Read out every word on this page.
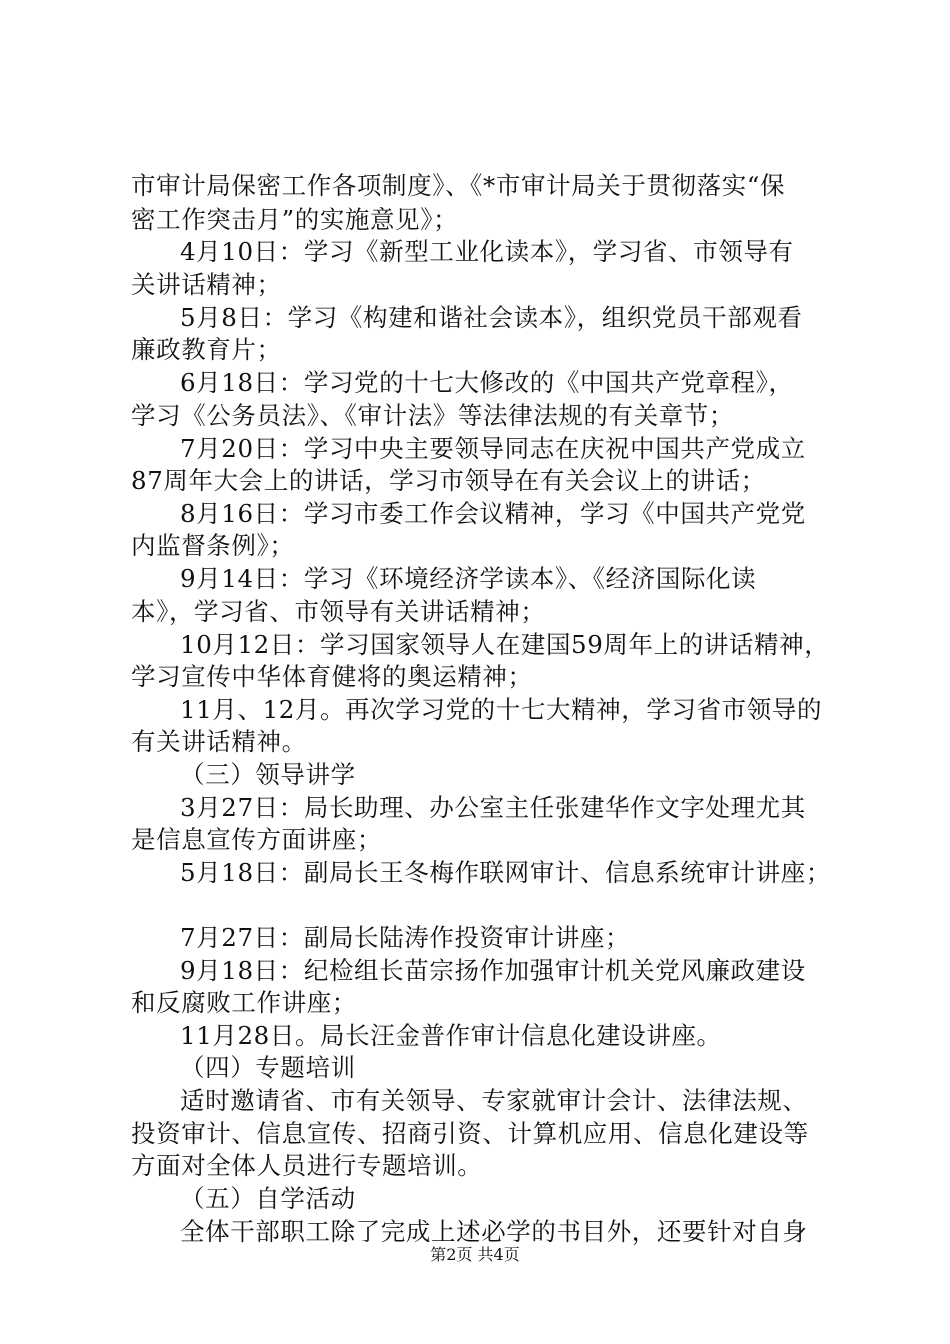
市审计局保密工作各项制度》、《*市审计局关于贯彻落实“保
密工作突击月”的实施意见》；
4月10日：学习《新型工业化读本》，学习省、市领导有
关讲话精神；
5月8日：学习《构建和谐社会读本》，组织党员干部观看
廉政教育片；
6月18日：学习党的十七大修改的《中国共产党章程》，
学习《公务员法》、《审计法》等法律法规的有关章节；
7月20日：学习中央主要领导同志在庆祝中国共产党成立
87周年大会上的讲话，学习市领导在有关会议上的讲话；
8月16日：学习市委工作会议精神，学习《中国共产党党
内监督条例》；
9月14日：学习《环境经济学读本》、《经济国际化读
本》，学习省、市领导有关讲话精神；
10月12日：学习国家领导人在建国59周年上的讲话精神，
学习宣传中华体育健将的奥运精神；
11月、12月。再次学习党的十七大精神，学习省市领导的
有关讲话精神。
（三）领导讲学
3月27日：局长助理、办公室主任张建华作文字处理尤其
是信息宣传方面讲座；
5月18日：副局长王冬梅作联网审计、信息系统审计讲座；
7月27日：副局长陆涛作投资审计讲座；
9月18日：纪检组长苗宗扬作加强审计机关党风廉政建设
和反腐败工作讲座；
11月28日。局长汪金普作审计信息化建设讲座。
（四）专题培训
适时邀请省、市有关领导、专家就审计会计、法律法规、
投资审计、信息宣传、招商引资、计算机应用、信息化建设等
方面对全体人员进行专题培训。
（五）自学活动
全体干部职工除了完成上述必学的书目外，还要针对自身
第2页 共4页
